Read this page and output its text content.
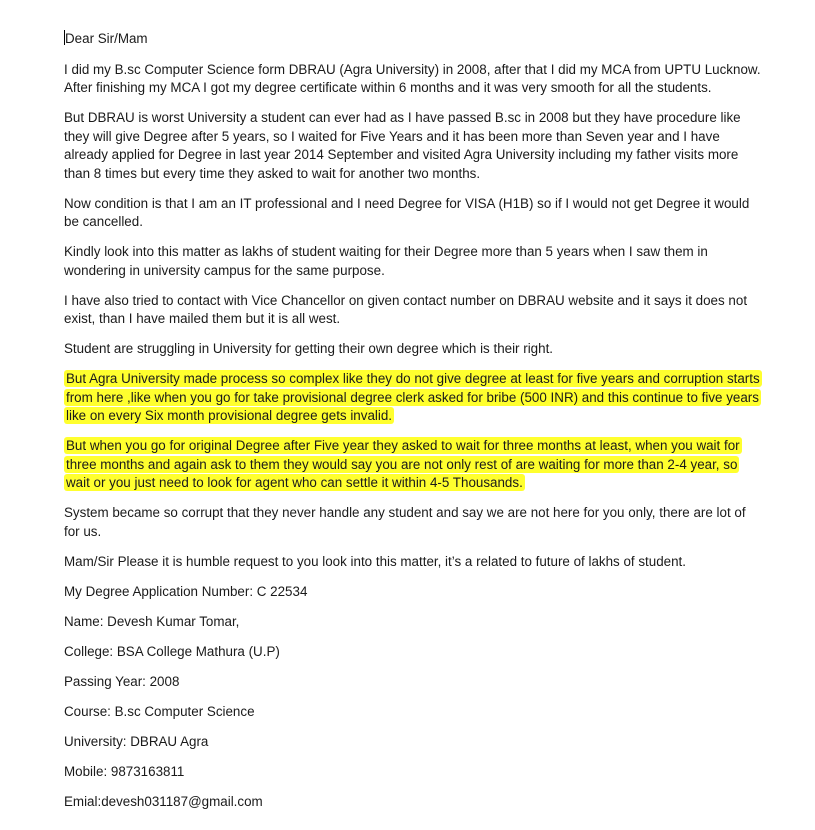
Dear Sir/Mam

I did my B.sc Computer Science form DBRAU (Agra University) in 2008, after that I did my MCA from UPTU Lucknow. After finishing my MCA I got my degree certificate within 6 months and it was very smooth for all the students.

But DBRAU is worst University a student can ever had as I have passed B.sc in 2008 but they have procedure like they will give Degree after 5 years, so I waited for Five Years and it has been more than Seven year and I have already applied for Degree in last year 2014 September and visited Agra University including my father visits more than 8 times but every time they asked to wait for another two months.

Now condition is that I am an IT professional and I need Degree for VISA (H1B) so if I would not get Degree it would be cancelled.

Kindly look into this matter as lakhs of student waiting for their Degree more than 5 years when I saw them in wondering in university campus for the same purpose.

I have also tried to contact with Vice Chancellor on given contact number on DBRAU website and it says it does not exist, than I have mailed them but it is all west.

Student are struggling in University for getting their own degree which is their right.

But Agra University made process so complex like they do not give degree at least for five years and corruption starts from here ,like when you go for take provisional degree clerk asked for bribe (500 INR) and this continue to five years like on every Six month provisional degree gets invalid.

But when you go for original Degree after Five year they asked to wait for three months at least, when you wait for three months and again ask to them they would say you are not only rest of are waiting for more than 2-4 year, so wait or you just need to look for agent who can settle it within 4-5 Thousands.

System became so corrupt that they never handle any student and say we are not here for you only, there are lot of for us.

Mam/Sir Please it is humble request to you look into this matter, it’s a related to future of lakhs of student.

My Degree Application Number: C 22534

Name: Devesh Kumar Tomar,

College: BSA College Mathura (U.P)

Passing Year: 2008

Course: B.sc Computer Science

University: DBRAU Agra

Mobile: 9873163811

Emial:devesh031187@gmail.com
